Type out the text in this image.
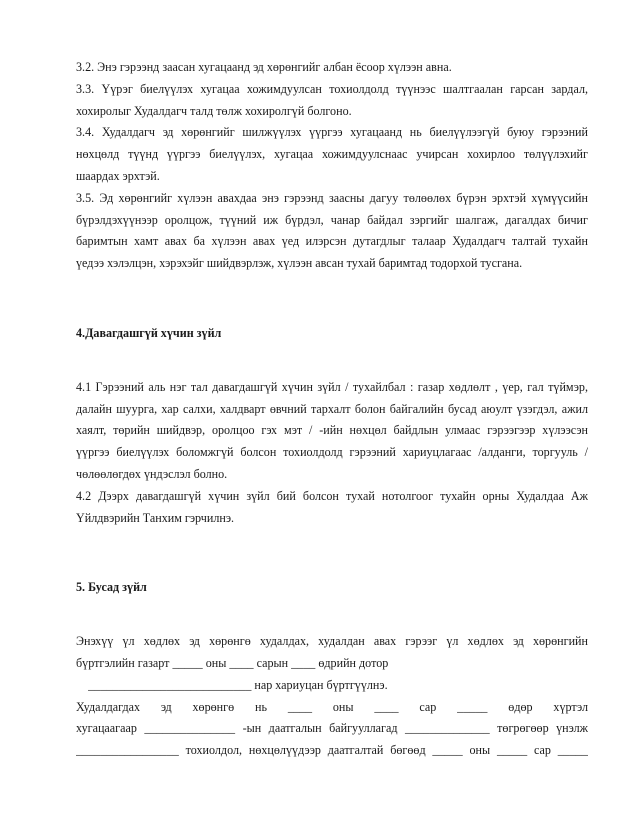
3.2. Энэ гэрээнд заасан хугацаанд эд хөрөнгийг албан ёсоор хүлээн авна.
3.3. Үүрэг биелүүлэх хугацаа хожимдуулсан тохиолдолд түүнээс шалтгаалан гарсан зардал,
хохиролыг Худалдагч талд төлж хохиролгүй болгоно.
3.4. Худалдагч эд хөрөнгийг шилжүүлэх үүргээ хугацаанд нь биелүүлээгүй буюу гэрээний
нөхцөлд түүнд үүргээ биелүүлэх, хугацаа хожимдуулснаас учирсан хохирлоо төлүүлэхийг
шаардах эрхтэй.
3.5. Эд хөрөнгийг хүлээн авахдаа энэ гэрээнд заасны дагуу төлөөлөх бүрэн эрхтэй хүмүүсийн
бүрэлдэхүүнээр оролцож, түүний иж бүрдэл, чанар байдал зэргийг шалгаж, дагалдах бичиг
баримтын хамт авах ба хүлээн авах үед илэрсэн дутагдлыг талаар Худалдагч талтай тухайн
үедээ хэлэлцэн, хэрэхэйг шийдвэрлэж, хүлээн авсан тухай баримтад тодорхой тусгана.
4.Давагдашгүй хүчин зүйл
4.1 Гэрээний аль нэг тал давагдашгүй хүчин зүйл / тухайлбал : газар хөдлөлт , үер, гал түймэр,
далайн шуурга, хар салхи, халдварт өвчний тархалт болон байгалийн бусад аюулт үзэгдэл, ажил
хаялт, төрийн шийдвэр, оролцоо гэх мэт / -ийн нөхцөл байдлын улмаас гэрээгээр хүлээсэн
үүргээ биелүүлэх боломжгүй болсон тохиолдолд гэрээний хариуцлагаас /алданги, торгууль /
чөлөөлөгдөх үндэслэл болно.
4.2 Дээрх давагдашгүй хүчин зүйл бий болсон тухай нотолгоог тухайн орны Худалдаа Аж
Үйлдвэрийн Танхим гэрчилнэ.
5. Бусад зүйл
Энэхүү үл хөдлөх эд хөрөнгө худалдах, худалдан авах гэрээг үл хөдлөх эд хөрөнгийн
бүртгэлийн газарт _____ оны ____ сарын ____ өдрийн дотор
___________________________ нар хариуцан бүртгүүлнэ.
Худалдагдах эд хөрөнгө нь ____ оны ____ сар _____ өдөр хүртэл
хугацаагаар _______________ -ын даатгалын байгууллагад ______________ төгрөгөөр үнэлж
_________________ тохиолдол, нөхцөлүүдээр даатгалтай бөгөөд _____ оны _____ сар _____
